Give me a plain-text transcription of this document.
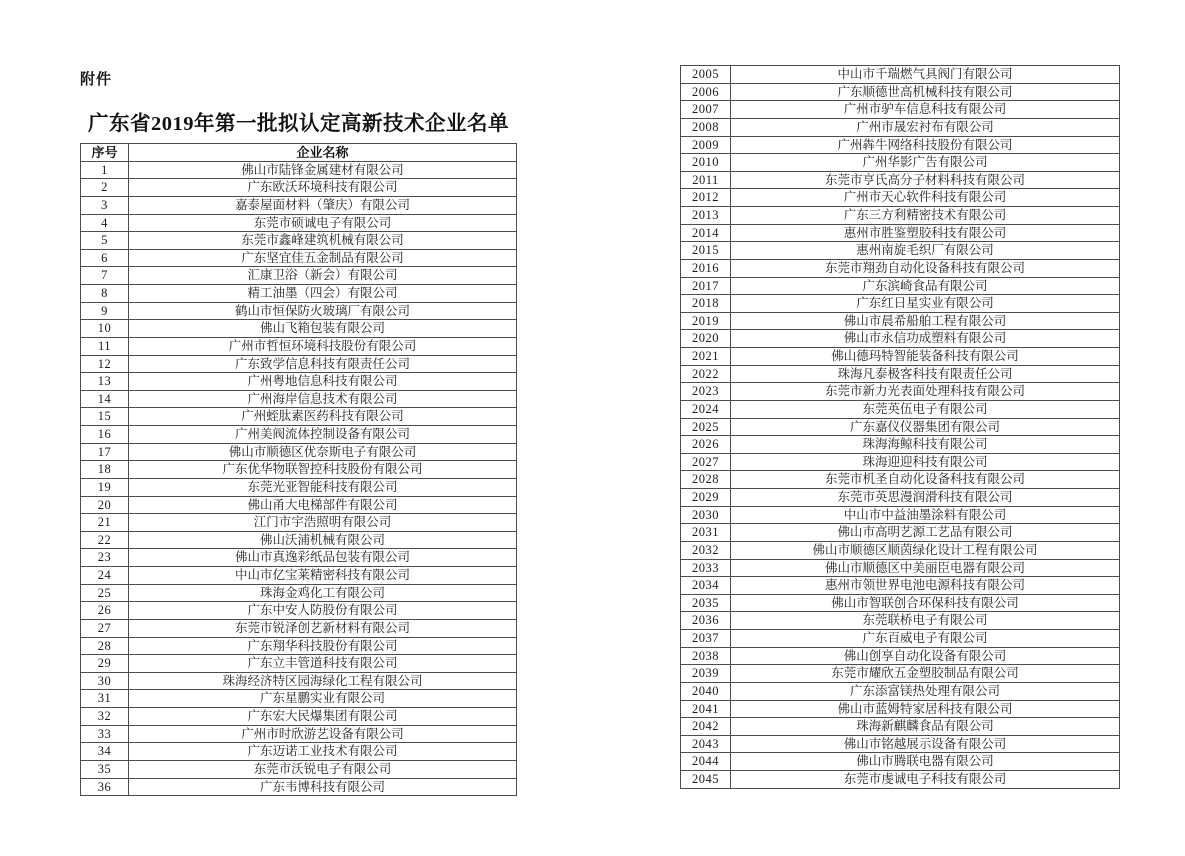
附件
广东省2019年第一批拟认定高新技术企业名单
序号	企业名称
1	佛山市陆锋金属建材有限公司
2	广东欧沃环境科技有限公司
3	嘉泰屋面材料（肇庆）有限公司
4	东莞市硕诚电子有限公司
5	东莞市鑫峰建筑机械有限公司
6	广东坚宜佳五金制品有限公司
7	汇康卫浴（新会）有限公司
8	精工油墨（四会）有限公司
9	鹤山市恒保防火玻璃厂有限公司
10	佛山飞箱包装有限公司
11	广州市哲恒环境科技股份有限公司
12	广东致学信息科技有限责任公司
13	广州粤地信息科技有限公司
14	广州海岸信息技术有限公司
15	广州蛭肽素医药科技有限公司
16	广州美阀流体控制设备有限公司
17	佛山市顺德区优奈斯电子有限公司
18	广东优华物联智控科技股份有限公司
19	东莞光亚智能科技有限公司
20	佛山甬大电梯部件有限公司
21	江门市宇浩照明有限公司
22	佛山沃浦机械有限公司
23	佛山市真逸彩纸品包装有限公司
24	中山市亿宝莱精密科技有限公司
25	珠海金鸡化工有限公司
26	广东中安人防股份有限公司
27	东莞市锐泽创艺新材料有限公司
28	广东翔华科技股份有限公司
29	广东立丰管道科技有限公司
30	珠海经济特区园海绿化工程有限公司
31	广东星鹏实业有限公司
32	广东宏大民爆集团有限公司
33	广州市时欣游艺设备有限公司
34	广东迈诺工业技术有限公司
35	东莞市沃锐电子有限公司
36	广东韦博科技有限公司
2005	中山市千瑞燃气具阀门有限公司
2006	广东顺德世高机械科技有限公司
2007	广州市驴车信息科技有限公司
2008	广州市晟宏衬布有限公司
2009	广州犇牛网络科技股份有限公司
2010	广州华影广告有限公司
2011	东莞市亨氏高分子材料科技有限公司
2012	广州市天心软件科技有限公司
2013	广东三方利精密技术有限公司
2014	惠州市胜鉴塑胶科技有限公司
2015	惠州南旋毛织厂有限公司
2016	东莞市翔劲自动化设备科技有限公司
2017	广东滨崎食品有限公司
2018	广东红日星实业有限公司
2019	佛山市晨希船舶工程有限公司
2020	佛山市永信功成塑料有限公司
2021	佛山德玛特智能装备科技有限公司
2022	珠海凡泰极客科技有限责任公司
2023	东莞市新力光表面处理科技有限公司
2024	东莞英伍电子有限公司
2025	广东嘉仪仪器集团有限公司
2026	珠海海鲸科技有限公司
2027	珠海迎迎科技有限公司
2028	东莞市机圣自动化设备科技有限公司
2029	东莞市英思漫润滑科技有限公司
2030	中山市中益油墨涂料有限公司
2031	佛山市高明艺源工艺品有限公司
2032	佛山市顺德区顺茵绿化设计工程有限公司
2033	佛山市顺德区中美丽臣电器有限公司
2034	惠州市领世界电池电源科技有限公司
2035	佛山市智联创合环保科技有限公司
2036	东莞联桥电子有限公司
2037	广东百威电子有限公司
2038	佛山创享自动化设备有限公司
2039	东莞市耀欣五金塑胶制品有限公司
2040	广东添富镁热处理有限公司
2041	佛山市蓝姆特家居科技有限公司
2042	珠海新麒麟食品有限公司
2043	佛山市铭越展示设备有限公司
2044	佛山市腾联电器有限公司
2045	东莞市虔诚电子科技有限公司
